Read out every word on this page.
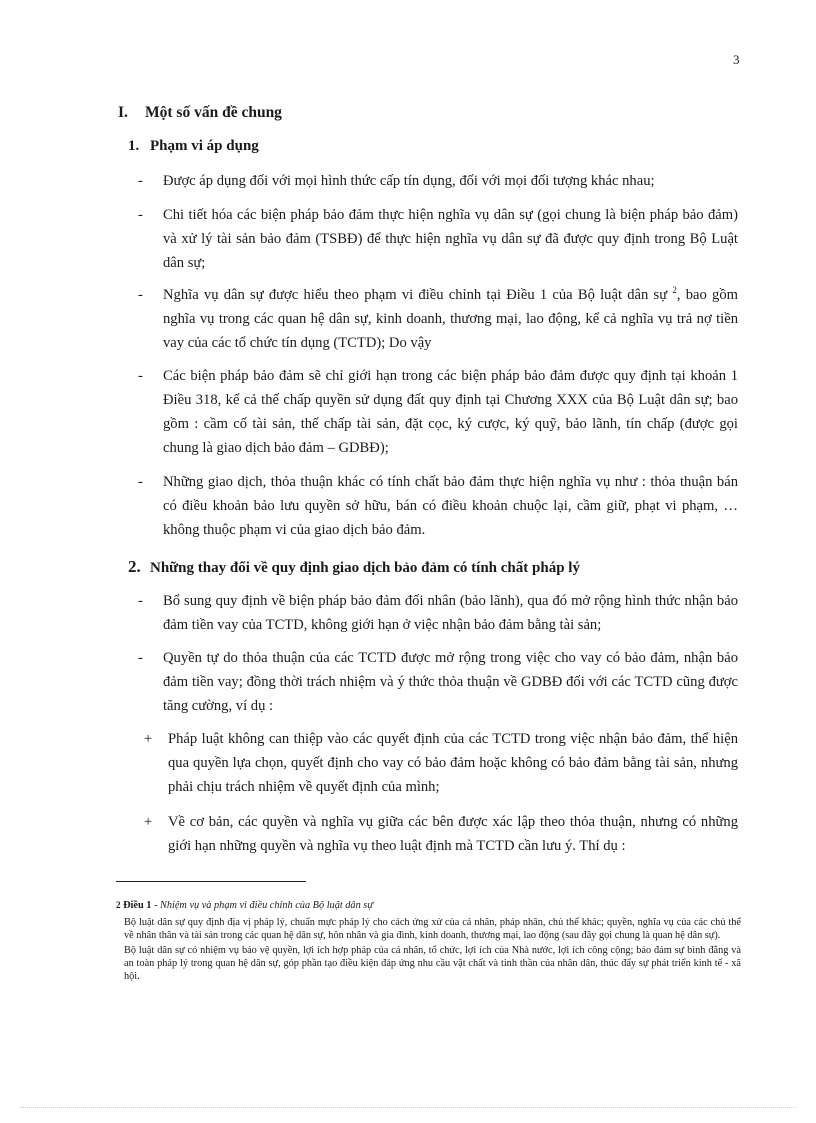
3
I. Một số vấn đề chung
1. Phạm vi áp dụng
-	Được áp dụng đối với mọi hình thức cấp tín dụng, đối với mọi đối tượng khác nhau;
-	Chi tiết hóa các biện pháp bảo đảm thực hiện nghĩa vụ dân sự (gọi chung là biện pháp bảo đảm) và xử lý tài sản bảo đảm (TSBĐ) để thực hiện nghĩa vụ dân sự đã được quy định trong Bộ Luật dân sự;
-	Nghĩa vụ dân sự được hiểu theo phạm vi điều chỉnh tại Điều 1 của Bộ luật dân sự $^2$, bao gồm nghĩa vụ trong các quan hệ dân sự, kinh doanh, thương mại, lao động, kể cả nghĩa vụ trả nợ tiền vay của các tổ chức tín dụng (TCTD); Do vậy
-	Các biện pháp bảo đảm sẽ chỉ giới hạn trong các biện pháp bảo đảm được quy định tại khoản 1 Điều 318, kể cả thế chấp quyền sử dụng đất quy định tại Chương XXX của Bộ Luật dân sự; bao gồm : cầm cố tài sản, thế chấp tài sản, đặt cọc, ký cược, ký quỹ, bảo lãnh, tín chấp (được gọi chung là giao dịch bảo đảm – GDBĐ);
-	Những giao dịch, thỏa thuận khác có tính chất bảo đảm thực hiện nghĩa vụ như : thỏa thuận bán có điều khoản bảo lưu quyền sở hữu, bán có điều khoản chuộc lại, cầm giữ, phạt vi phạm, … không thuộc phạm vi của giao dịch bảo đảm.
2. Những thay đổi về quy định giao dịch bảo đảm có tính chất pháp lý
-	Bổ sung quy định về biện pháp bảo đảm đối nhân (bảo lãnh), qua đó mở rộng hình thức nhận bảo đảm tiền vay của TCTD, không giới hạn ở việc nhận bảo đảm bằng tài sản;
-	Quyền tự do thỏa thuận của các TCTD được mở rộng trong việc cho vay có bảo đảm, nhận bảo đảm tiền vay; đồng thời trách nhiệm và ý thức thỏa thuận về GDBĐ đối với các TCTD cũng được tăng cường, ví dụ :
+	Pháp luật không can thiệp vào các quyết định của các TCTD trong việc nhận bảo đảm, thể hiện qua quyền lựa chọn, quyết định cho vay có bảo đảm hoặc không có bảo đảm bằng tài sản, nhưng phải chịu trách nhiệm về quyết định của mình;
+	Về cơ bản, các quyền và nghĩa vụ giữa các bên được xác lập theo thỏa thuận, nhưng có những giới hạn những quyền và nghĩa vụ theo luật định mà TCTD cần lưu ý. Thí dụ :
2 Điều 1 - Nhiệm vụ và phạm vi điều chỉnh của Bộ luật dân sự

Bộ luật dân sự quy định địa vị pháp lý, chuẩn mực pháp lý cho cách ứng xử của cá nhân, pháp nhân, chủ thể khác; quyền, nghĩa vụ của các chủ thể về nhân thân và tài sản trong các quan hệ dân sự, hôn nhân và gia đình, kinh doanh, thương mại, lao động (sau đây gọi chung là quan hệ dân sự).

Bộ luật dân sự có nhiệm vụ bảo vệ quyền, lợi ích hợp pháp của cá nhân, tổ chức, lợi ích của Nhà nước, lợi ích công cộng; bảo đảm sự bình đẳng và an toàn pháp lý trong quan hệ dân sự, góp phần tạo điều kiện đáp ứng nhu cầu vật chất và tinh thần của nhân dân, thúc đẩy sự phát triển kinh tế - xã hội.
